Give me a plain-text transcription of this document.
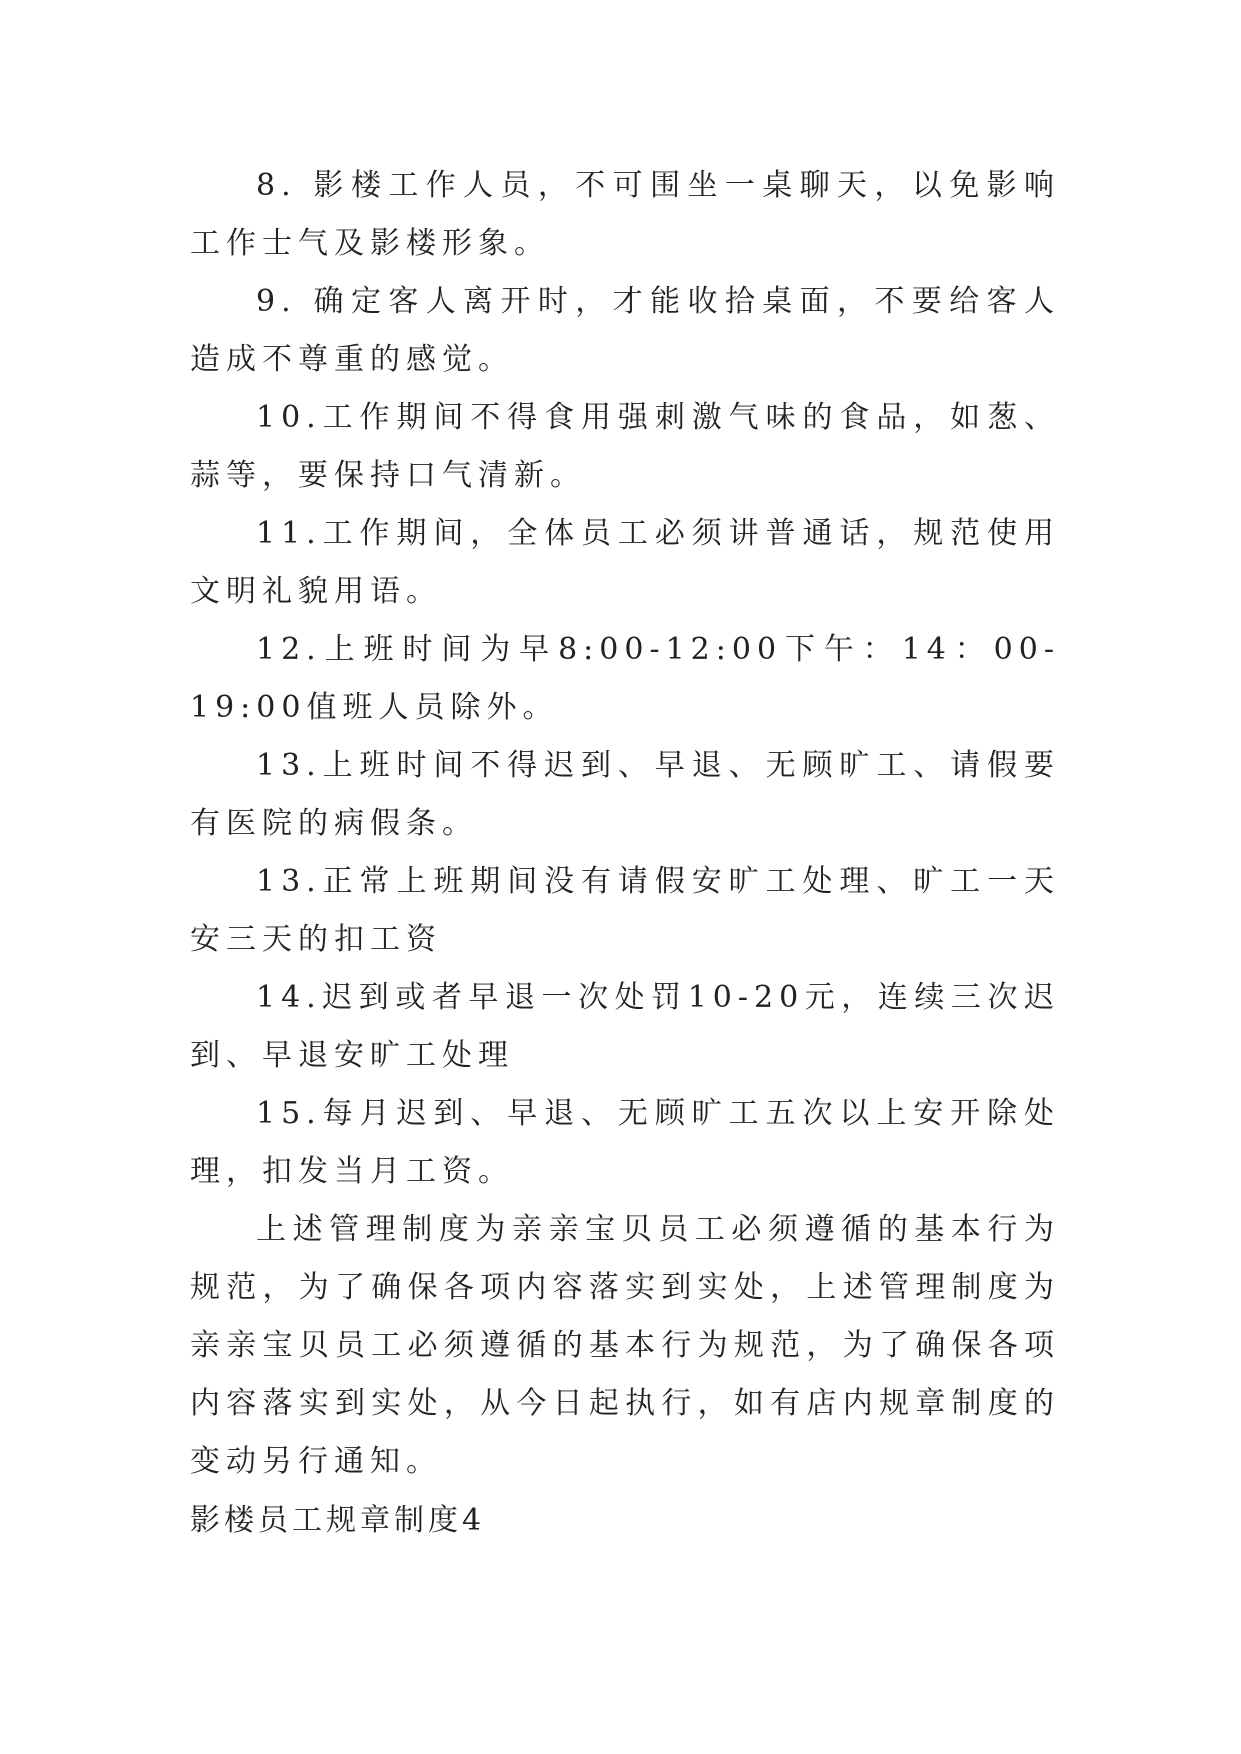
8. 影楼工作人员，不可围坐一桌聊天，以免影响工作士气及影楼形象。

9. 确定客人离开时，才能收拾桌面，不要给客人造成不尊重的感觉。

10.工作期间不得食用强刺激气味的食品，如葱、蒜等，要保持口气清新。

11.工作期间，全体员工必须讲普通话，规范使用文明礼貌用语。

12.上班时间为早8:00-12:00下午：14：00-19:00值班人员除外。

13.上班时间不得迟到、早退、无顾旷工、请假要有医院的病假条。

13.正常上班期间没有请假安旷工处理、旷工一天安三天的扣工资

14.迟到或者早退一次处罚10-20元，连续三次迟到、早退安旷工处理

15.每月迟到、早退、无顾旷工五次以上安开除处理，扣发当月工资。

上述管理制度为亲亲宝贝员工必须遵循的基本行为规范，为了确保各项内容落实到实处，上述管理制度为亲亲宝贝员工必须遵循的基本行为规范，为了确保各项内容落实到实处，从今日起执行，如有店内规章制度的变动另行通知。

影楼员工规章制度4
